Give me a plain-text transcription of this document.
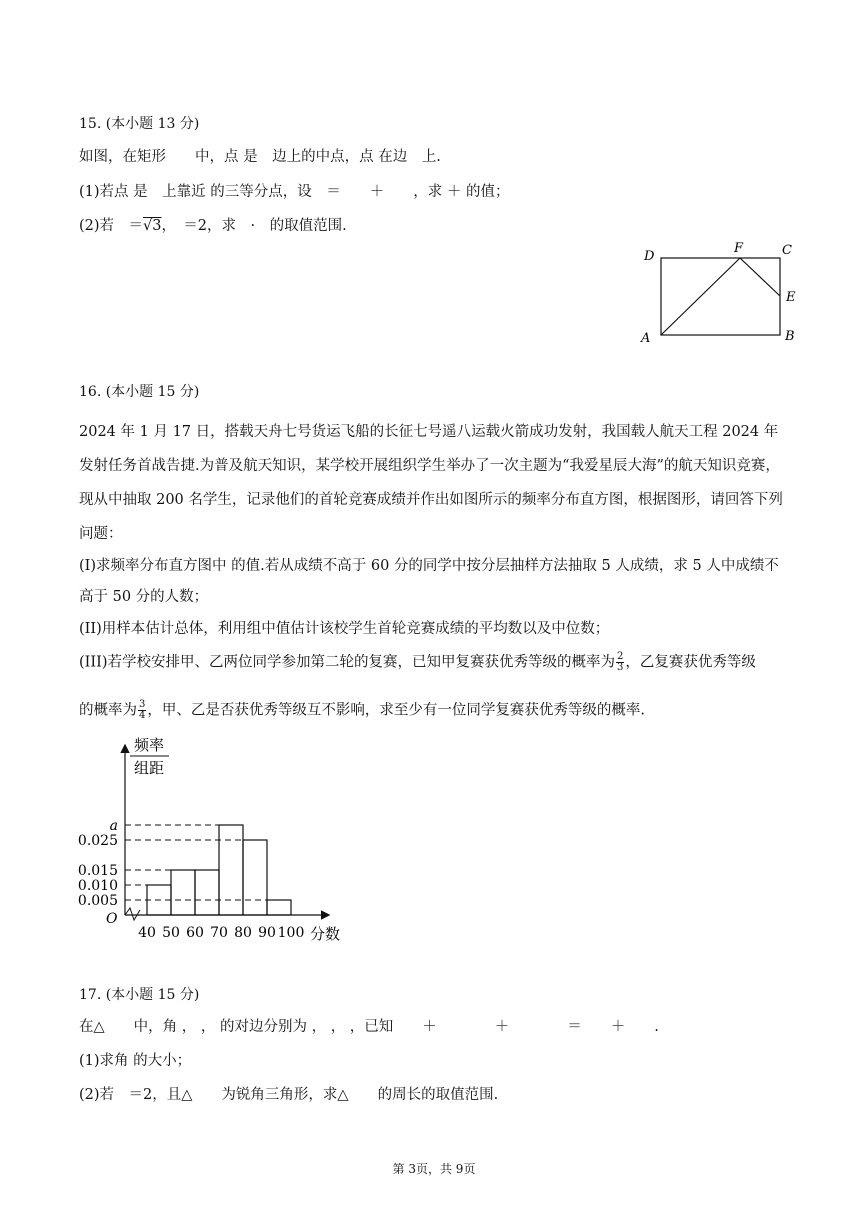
15. (本小题 13 分)
如图，在矩形　　中，点 是　边上的中点，点 在边　上.
(1)若点 是　上靠近 的三等分点，设　＝　　＋　　，求 ＋ 的值；
(2)若　＝√3，　＝2，求　·　的取值范围.
D
F	C
E
A	B
16. (本小题 15 分)
2024 年 1 月 17 日，搭载天舟七号货运飞船的长征七号遥八运载火箭成功发射，我国载人航天工程 2024 年发射任务首战告捷.为普及航天知识，某学校开展组织学生举办了一次主题为“我爱星辰大海”的航天知识竞赛，现从中抽取 200 名学生，记录他们的首轮竞赛成绩并作出如图所示的频率分布直方图，根据图形，请回答下列问题：
(I)求频率分布直方图中 的值.若从成绩不高于 60 分的同学中按分层抽样方法抽取 5 人成绩，求 5 人中成绩不高于 50 分的人数；
(II)用样本估计总体，利用组中值估计该校学生首轮竞赛成绩的平均数以及中位数；
(III)若学校安排甲、乙两位同学参加第二轮的复赛，已知甲复赛获优秀等级的概率为 $\frac{2}{3}$ ，乙复赛获优秀等级
的概率为 $\frac{3}{4}$ ，甲、乙是否获优秀等级互不影响，求至少有一位同学复赛获优秀等级的概率.
频率
组距
O
分数
a
0.025
0.015
0.010
0.005
40 50 60 70 80 90 100
17. (本小题 15 分)
在△　　中，角 ， ， 的对边分别为 ， ， ，已知　　＋　　　　＋　　　　＝　　＋　　.
(1)求角 的大小；
(2)若　＝2，且△　　为锐角三角形，求△　　的周长的取值范围.
第 3页，共 9页
